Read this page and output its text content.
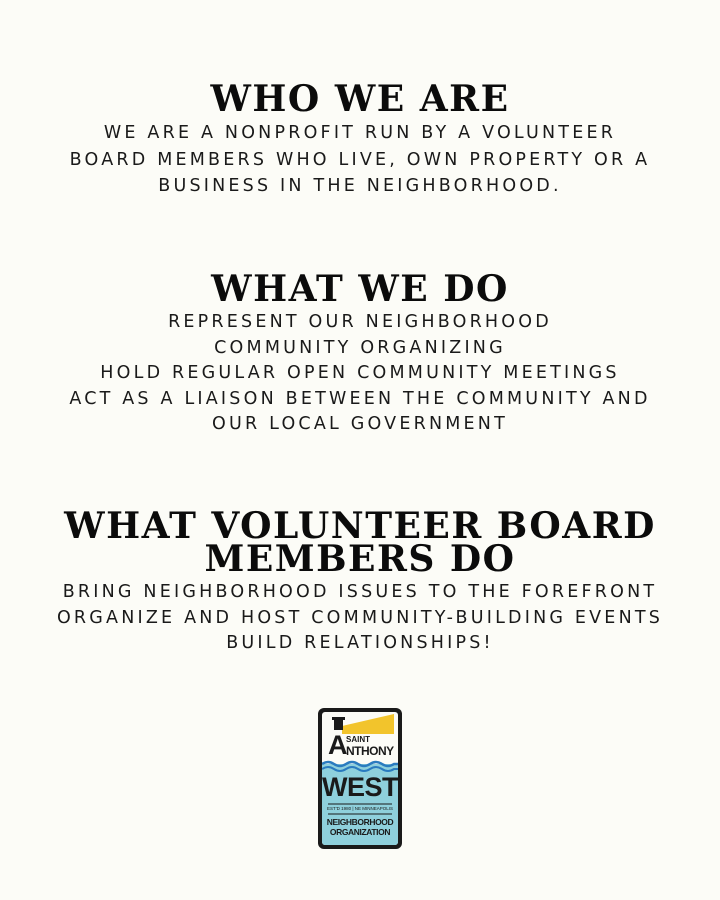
WHO WE ARE

WE ARE A NONPROFIT RUN BY A VOLUNTEER
BOARD MEMBERS WHO LIVE, OWN PROPERTY OR A
BUSINESS IN THE NEIGHBORHOOD.

WHAT WE DO

REPRESENT OUR NEIGHBORHOOD
COMMUNITY ORGANIZING
HOLD REGULAR OPEN COMMUNITY MEETINGS
ACT AS A LIAISON BETWEEN THE COMMUNITY AND
OUR LOCAL GOVERNMENT

WHAT VOLUNTEER BOARD
MEMBERS DO

BRING NEIGHBORHOOD ISSUES TO THE FOREFRONT
ORGANIZE AND HOST COMMUNITY-BUILDING EVENTS
BUILD RELATIONSHIPS!

A
SAINT
NTHONY
WEST
EST'D 1980 | NE MINNEAPOLIS
NEIGHBORHOOD
ORGANIZATION
